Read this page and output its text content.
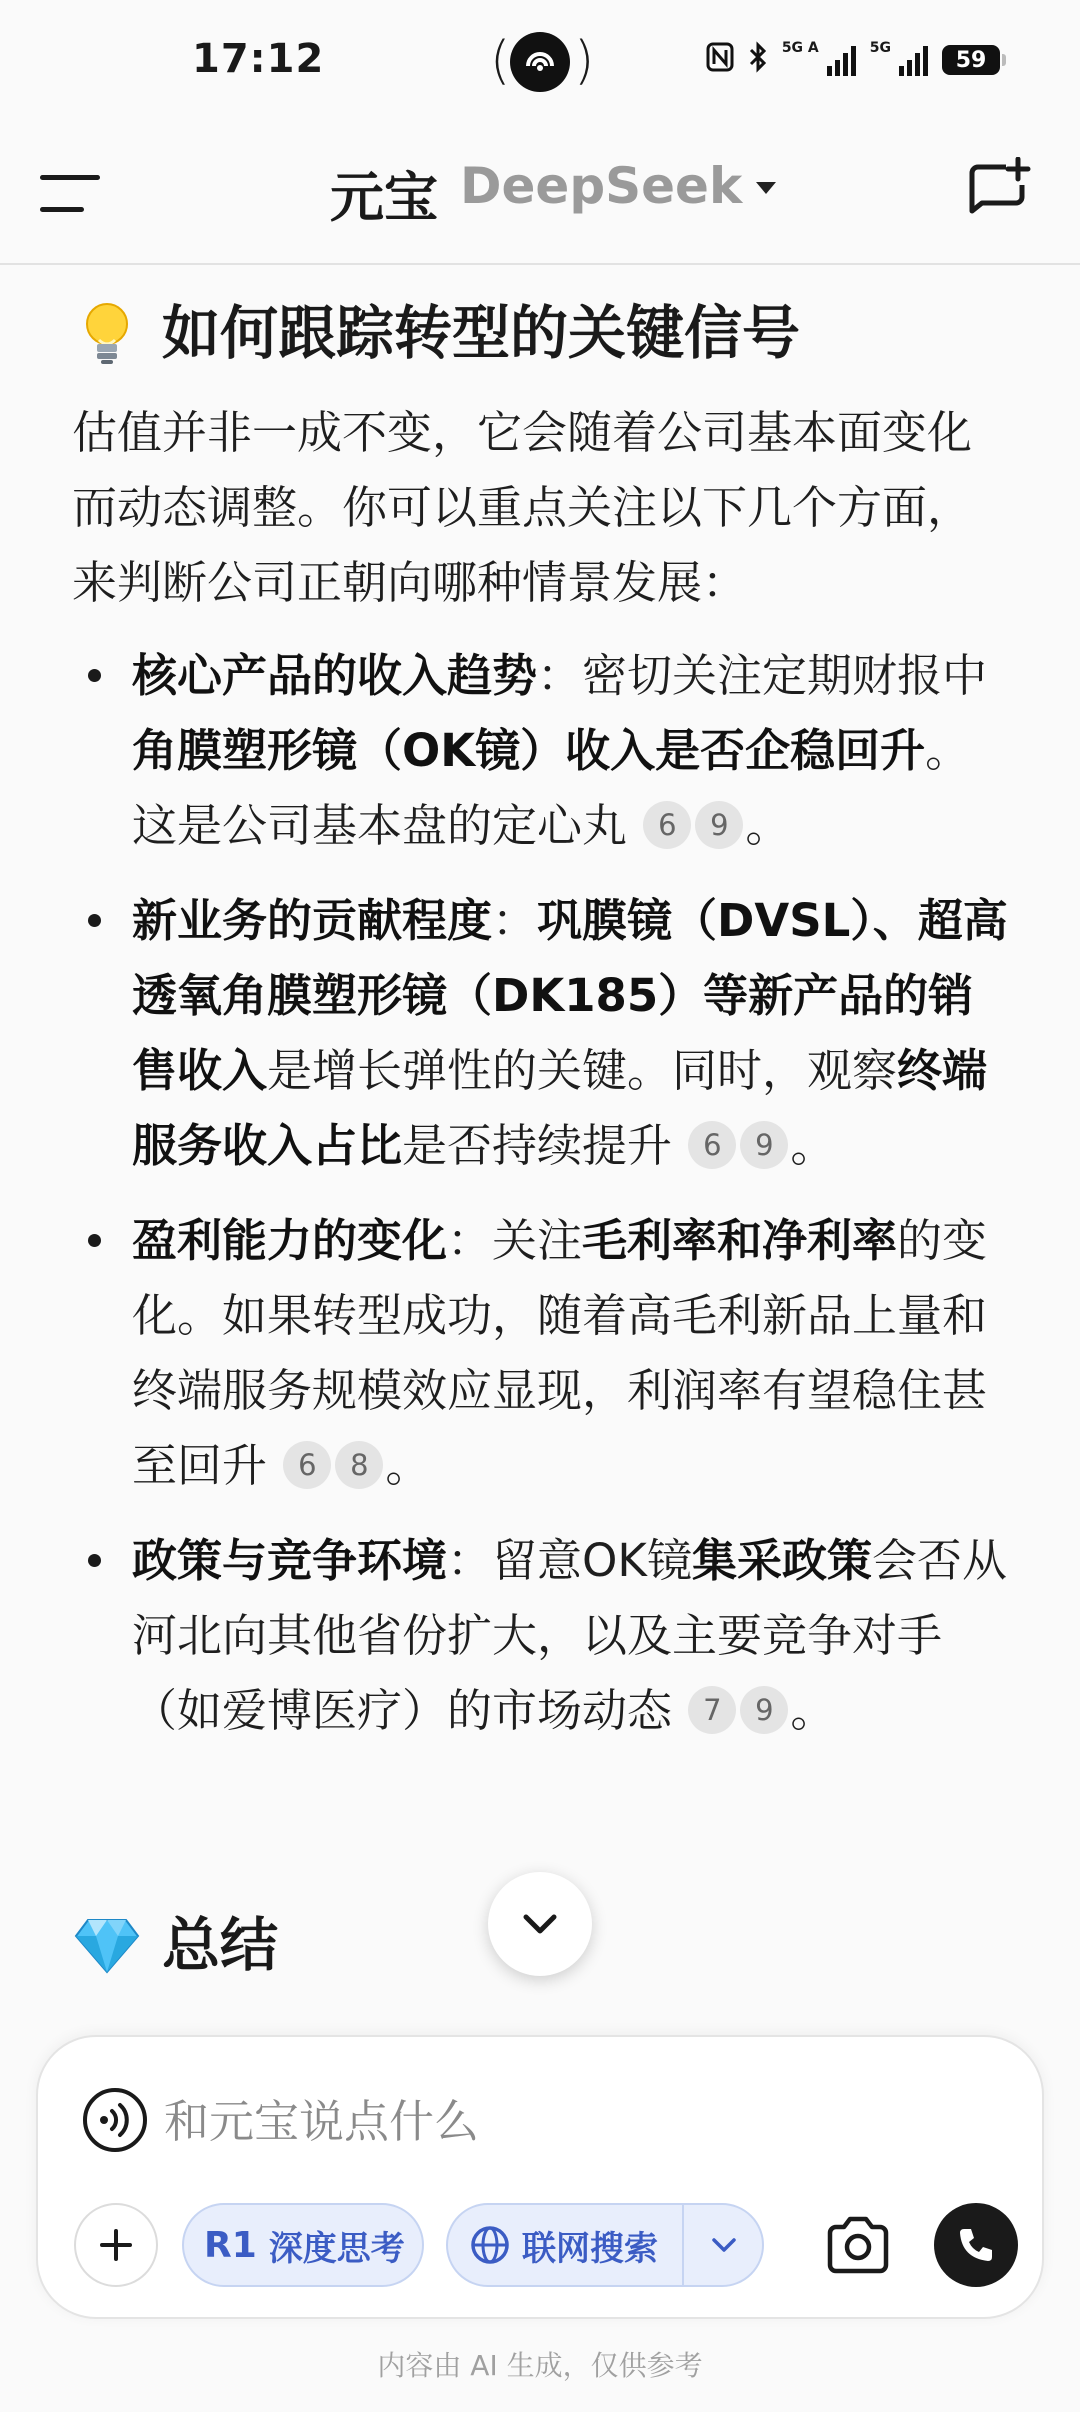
17:12	( )	5G A	5G	59
元宝 DeepSeek
如何跟踪转型的关键信号
估值并非一成不变，它会随着公司基本面变化而动态调整。你可以重点关注以下几个方面，来判断公司正朝向哪种情景发展：
核心产品的收入趋势：密切关注定期财报中角膜塑形镜（OK镜）收入是否企稳回升。这是公司基本盘的定心丸 6 9 。
新业务的贡献程度：巩膜镜（DVSL）、超高透氧角膜塑形镜（DK185）等新产品的销售收入是增长弹性的关键。同时，观察终端服务收入占比是否持续提升 6 9 。
盈利能力的变化：关注毛利率和净利率的变化。如果转型成功，随着高毛利新品上量和终端服务规模效应显现，利润率有望稳住甚至回升 6 8 。
政策与竞争环境：留意OK镜集采政策会否从河北向其他省份扩大，以及主要竞争对手（如爱博医疗）的市场动态 7 9 。
总结
和元宝说点什么
R1 深度思考	联网搜索
内容由 AI 生成，仅供参考
